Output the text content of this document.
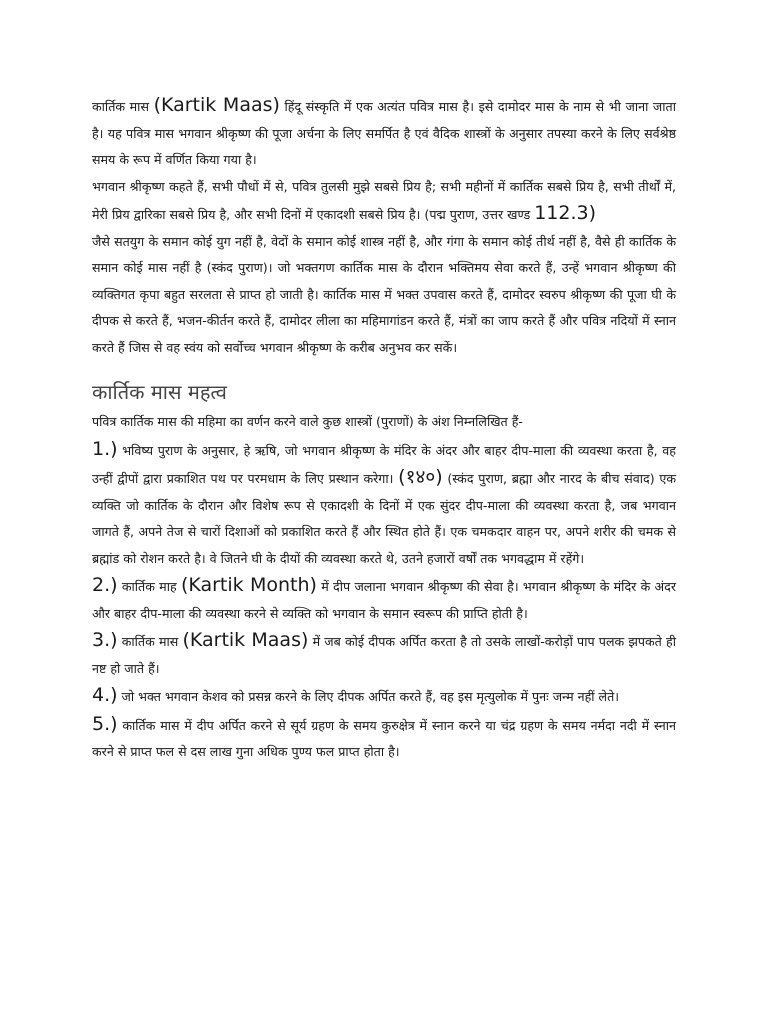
कार्तिक मास (Kartik Maas) हिंदू संस्कृति में एक अत्यंत पवित्र मास है। इसे दामोदर मास के नाम से भी जाना जाता है। यह पवित्र मास भगवान श्रीकृष्ण की पूजा अर्चना के लिए समर्पित है एवं वैदिक शास्त्रों के अनुसार तपस्या करने के लिए सर्वश्रेष्ठ समय के रूप में वर्णित किया गया है।

भगवान श्रीकृष्ण कहते हैं, सभी पौधों में से, पवित्र तुलसी मुझे सबसे प्रिय है; सभी महीनों में कार्तिक सबसे प्रिय है, सभी तीर्थों में, मेरी प्रिय द्वारिका सबसे प्रिय है, और सभी दिनों में एकादशी सबसे प्रिय है। (पद्म पुराण, उत्तर खण्ड 112.3)

जैसे सतयुग के समान कोई युग नहीं है, वेदों के समान कोई शास्त्र नहीं है, और गंगा के समान कोई तीर्थ नहीं है, वैसे ही कार्तिक के समान कोई मास नहीं है (स्कंद पुराण)। जो भक्तगण कार्तिक मास के दौरान भक्तिमय सेवा करते हैं, उन्हें भगवान श्रीकृष्ण की व्यक्तिगत कृपा बहुत सरलता से प्राप्त हो जाती है। कार्तिक मास में भक्त उपवास करते हैं, दामोदर स्वरुप श्रीकृष्ण की पूजा घी के दीपक से करते हैं, भजन-कीर्तन करते हैं, दामोदर लीला का महिमागांडन करते हैं, मंत्रों का जाप करते हैं और पवित्र नदियों में स्नान करते हैं जिस से वह स्वंय को सर्वोच्च भगवान श्रीकृष्ण के करीब अनुभव कर सकें।

कार्तिक मास महत्व

पवित्र कार्तिक मास की महिमा का वर्णन करने वाले कुछ शास्त्रों (पुराणों) के अंश निम्नलिखित हैं-

1.) भविष्य पुराण के अनुसार, हे ऋषि, जो भगवान श्रीकृष्ण के मंदिर के अंदर और बाहर दीप-माला की व्यवस्था करता है, वह उन्हीं द्वीपों द्वारा प्रकाशित पथ पर परमधाम के लिए प्रस्थान करेगा। (१४०) (स्कंद पुराण, ब्रह्मा और नारद के बीच संवाद) एक व्यक्ति जो कार्तिक के दौरान और विशेष रूप से एकादशी के दिनों में एक सुंदर दीप-माला की व्यवस्था करता है, जब भगवान जागते हैं, अपने तेज से चारों दिशाओं को प्रकाशित करते हैं और स्थित होते हैं। एक चमकदार वाहन पर, अपने शरीर की चमक से ब्रह्मांड को रोशन करते है। वे जितने घी के दीयों की व्यवस्था करते थे, उतने हजारों वर्षों तक भगवद्धाम में रहेंगे।

2.) कार्तिक माह (Kartik Month) में दीप जलाना भगवान श्रीकृष्ण की सेवा है। भगवान श्रीकृष्ण के मंदिर के अंदर और बाहर दीप-माला की व्यवस्था करने से व्यक्ति को भगवान के समान स्वरूप की प्राप्ति होती है।

3.) कार्तिक मास (Kartik Maas) में जब कोई दीपक अर्पित करता है तो उसके लाखों-करोड़ों पाप पलक झपकते ही नष्ट हो जाते हैं।

4.) जो भक्त भगवान केशव को प्रसन्न करने के लिए दीपक अर्पित करते हैं, वह इस मृत्युलोक में पुनः जन्म नहीं लेते।

5.) कार्तिक मास में दीप अर्पित करने से सूर्य ग्रहण के समय कुरुक्षेत्र में स्नान करने या चंद्र ग्रहण के समय नर्मदा नदी में स्नान करने से प्राप्त फल से दस लाख गुना अधिक पुण्य फल प्राप्त होता है।
